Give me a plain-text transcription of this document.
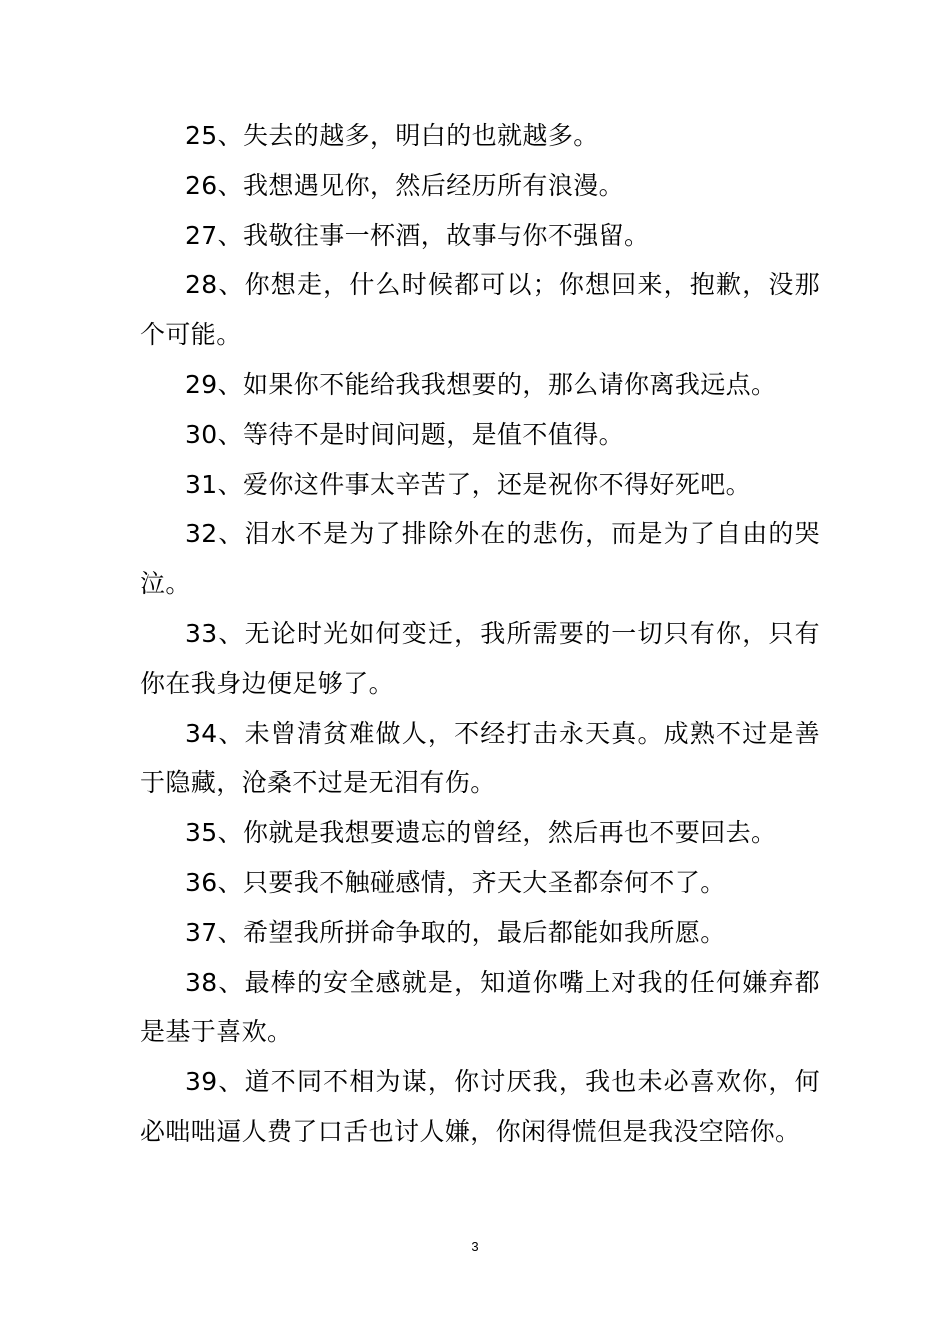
25、失去的越多，明白的也就越多。

26、我想遇见你，然后经历所有浪漫。

27、我敬往事一杯酒，故事与你不强留。

28、你想走，什么时候都可以；你想回来，抱歉，没那个可能。

29、如果你不能给我我想要的，那么请你离我远点。

30、等待不是时间问题，是值不值得。

31、爱你这件事太辛苦了，还是祝你不得好死吧。

32、泪水不是为了排除外在的悲伤，而是为了自由的哭泣。

33、无论时光如何变迁，我所需要的一切只有你，只有你在我身边便足够了。

34、未曾清贫难做人，不经打击永天真。成熟不过是善于隐藏，沧桑不过是无泪有伤。

35、你就是我想要遗忘的曾经，然后再也不要回去。

36、只要我不触碰感情，齐天大圣都奈何不了。

37、希望我所拼命争取的，最后都能如我所愿。

38、最棒的安全感就是，知道你嘴上对我的任何嫌弃都是基于喜欢。

39、道不同不相为谋，你讨厌我，我也未必喜欢你，何必咄咄逼人费了口舌也讨人嫌，你闲得慌但是我没空陪你。

3
